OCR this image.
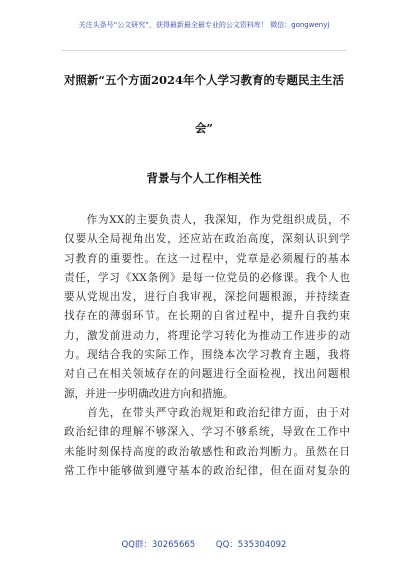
关注头条号“公文研究”，获得最新最全最专业的公文资料库！ 微信：gongwenyj
对照新“五个方面2024年个人学习教育的专题民主生活
会”
背景与个人工作相关性
　　作为XX的主要负责人，我深知，作为党组织成员，不
仅要从全局视角出发，还应站在政治高度，深刻认识到学
习教育的重要性。在这一过程中，党章是必须履行的基本
责任，学习《XX条例》是每一位党员的必修课。我个人也
要从党规出发，进行自我审视，深挖问题根源，并持续查
找存在的薄弱环节。在长期的自省过程中，提升自我约束
力，激发前进动力，将理论学习转化为推动工作进步的动
力。现结合我的实际工作，围绕本次学习教育主题，我将
对自己在相关领域存在的问题进行全面检视，找出问题根
源，并进一步明确改进方向和措施。
　　首先，在带头严守政治规矩和政治纪律方面，由于对
政治纪律的理解不够深入、学习不够系统，导致在工作中
未能时刻保持高度的政治敏感性和政治判断力。虽然在日
常工作中能够做到遵守基本的政治纪律，但在面对复杂的
QQ群：30265665 QQ：535304092
